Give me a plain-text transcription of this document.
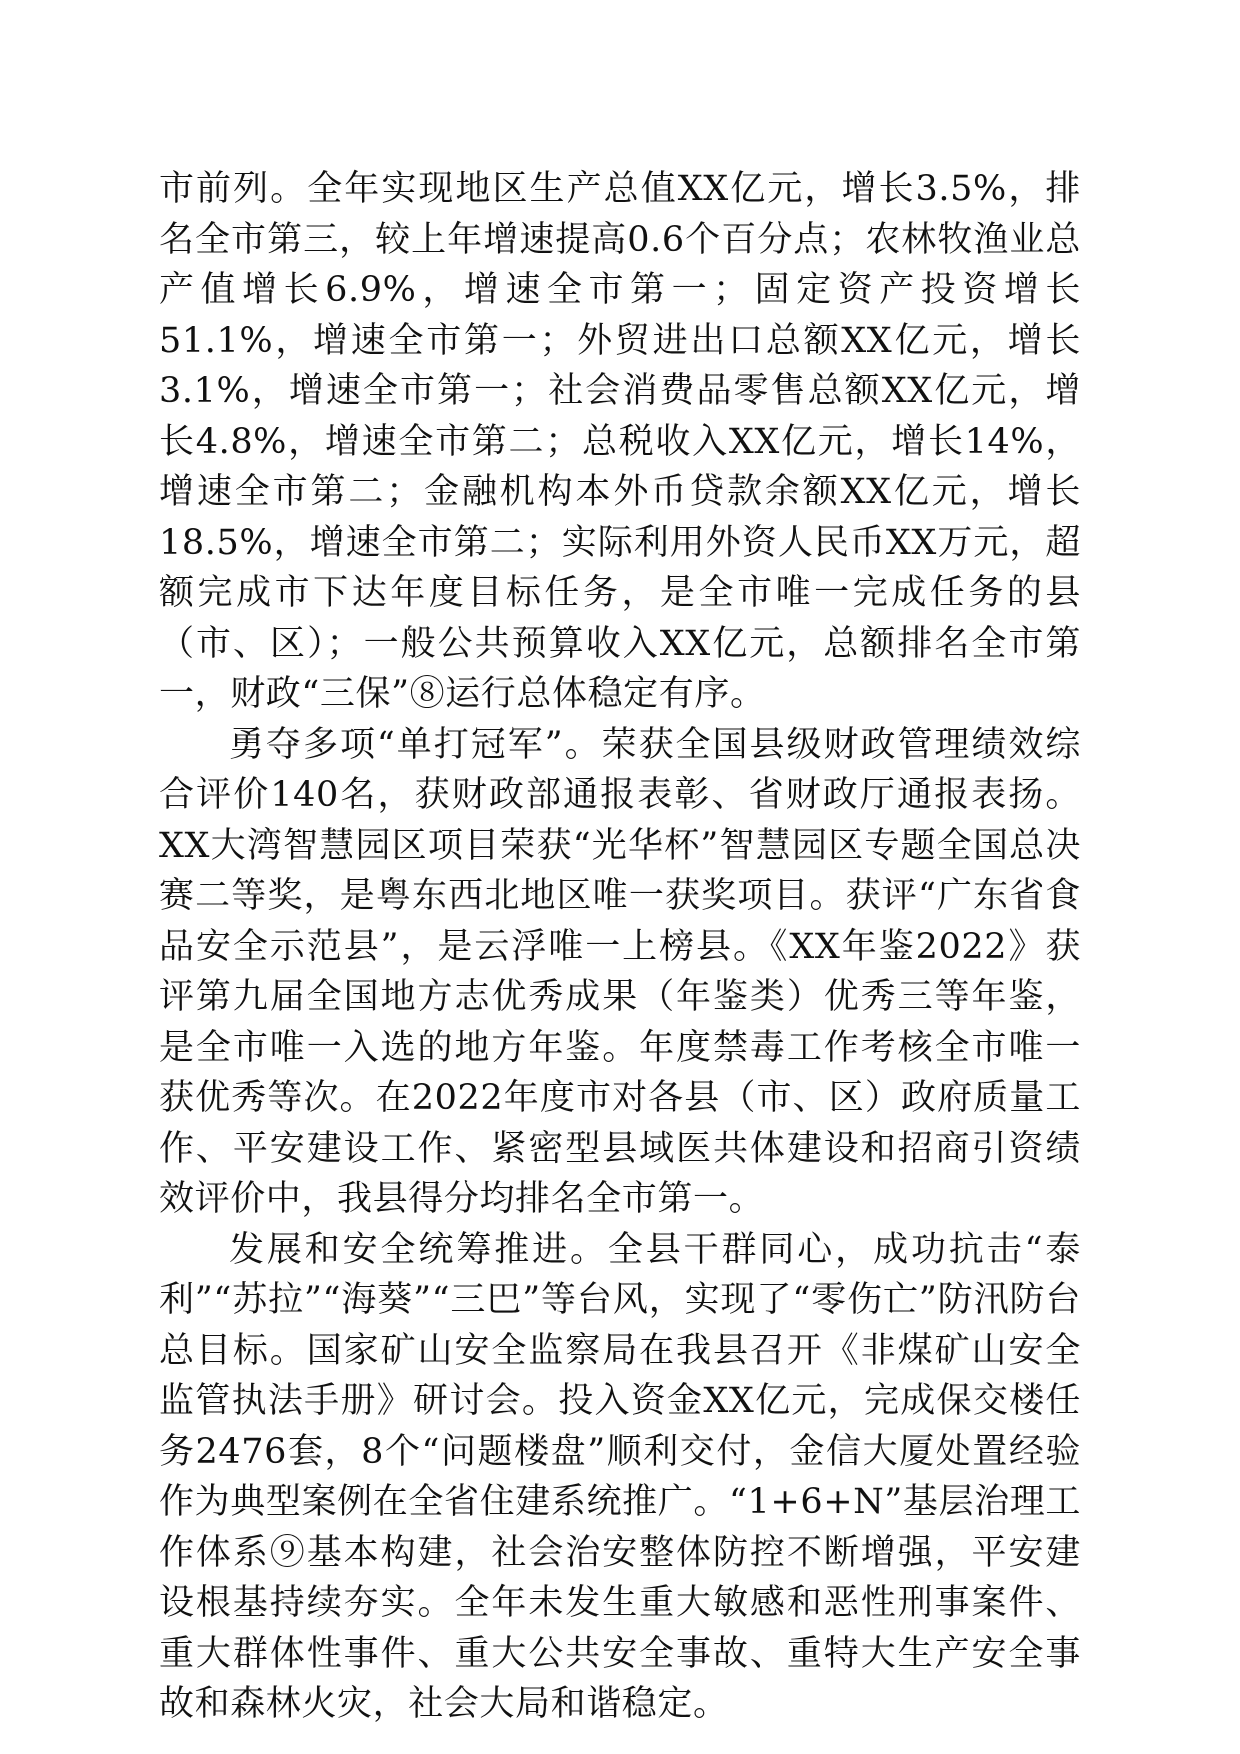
市前列。全年实现地区生产总值XX亿元，增长3.5%，排名全市第三，较上年增速提高0.6个百分点；农林牧渔业总产值增长6.9%，增速全市第一；固定资产投资增长51.1%，增速全市第一；外贸进出口总额XX亿元，增长3.1%，增速全市第一；社会消费品零售总额XX亿元，增长4.8%，增速全市第二；总税收入XX亿元，增长14%，增速全市第二；金融机构本外币贷款余额XX亿元，增长18.5%，增速全市第二；实际利用外资人民币XX万元，超额完成市下达年度目标任务，是全市唯一完成任务的县（市、区）；一般公共预算收入XX亿元，总额排名全市第一，财政“三保”⑧运行总体稳定有序。

勇夺多项“单打冠军”。荣获全国县级财政管理绩效综合评价140名，获财政部通报表彰、省财政厅通报表扬。XX大湾智慧园区项目荣获“光华杯”智慧园区专题全国总决赛二等奖，是粤东西北地区唯一获奖项目。获评“广东省食品安全示范县”，是云浮唯一上榜县。《XX年鉴2022》获评第九届全国地方志优秀成果（年鉴类）优秀三等年鉴，是全市唯一入选的地方年鉴。年度禁毒工作考核全市唯一获优秀等次。在2022年度市对各县（市、区）政府质量工作、平安建设工作、紧密型县域医共体建设和招商引资绩效评价中，我县得分均排名全市第一。

发展和安全统筹推进。全县干群同心，成功抗击“泰利”“苏拉”“海葵”“三巴”等台风，实现了“零伤亡”防汛防台总目标。国家矿山安全监察局在我县召开《非煤矿山安全监管执法手册》研讨会。投入资金XX亿元，完成保交楼任务2476套，8个“问题楼盘”顺利交付，金信大厦处置经验作为典型案例在全省住建系统推广。“1+6+N”基层治理工作体系⑨基本构建，社会治安整体防控不断增强，平安建设根基持续夯实。全年未发生重大敏感和恶性刑事案件、重大群体性事件、重大公共安全事故、重特大生产安全事故和森林火灾，社会大局和谐稳定。
